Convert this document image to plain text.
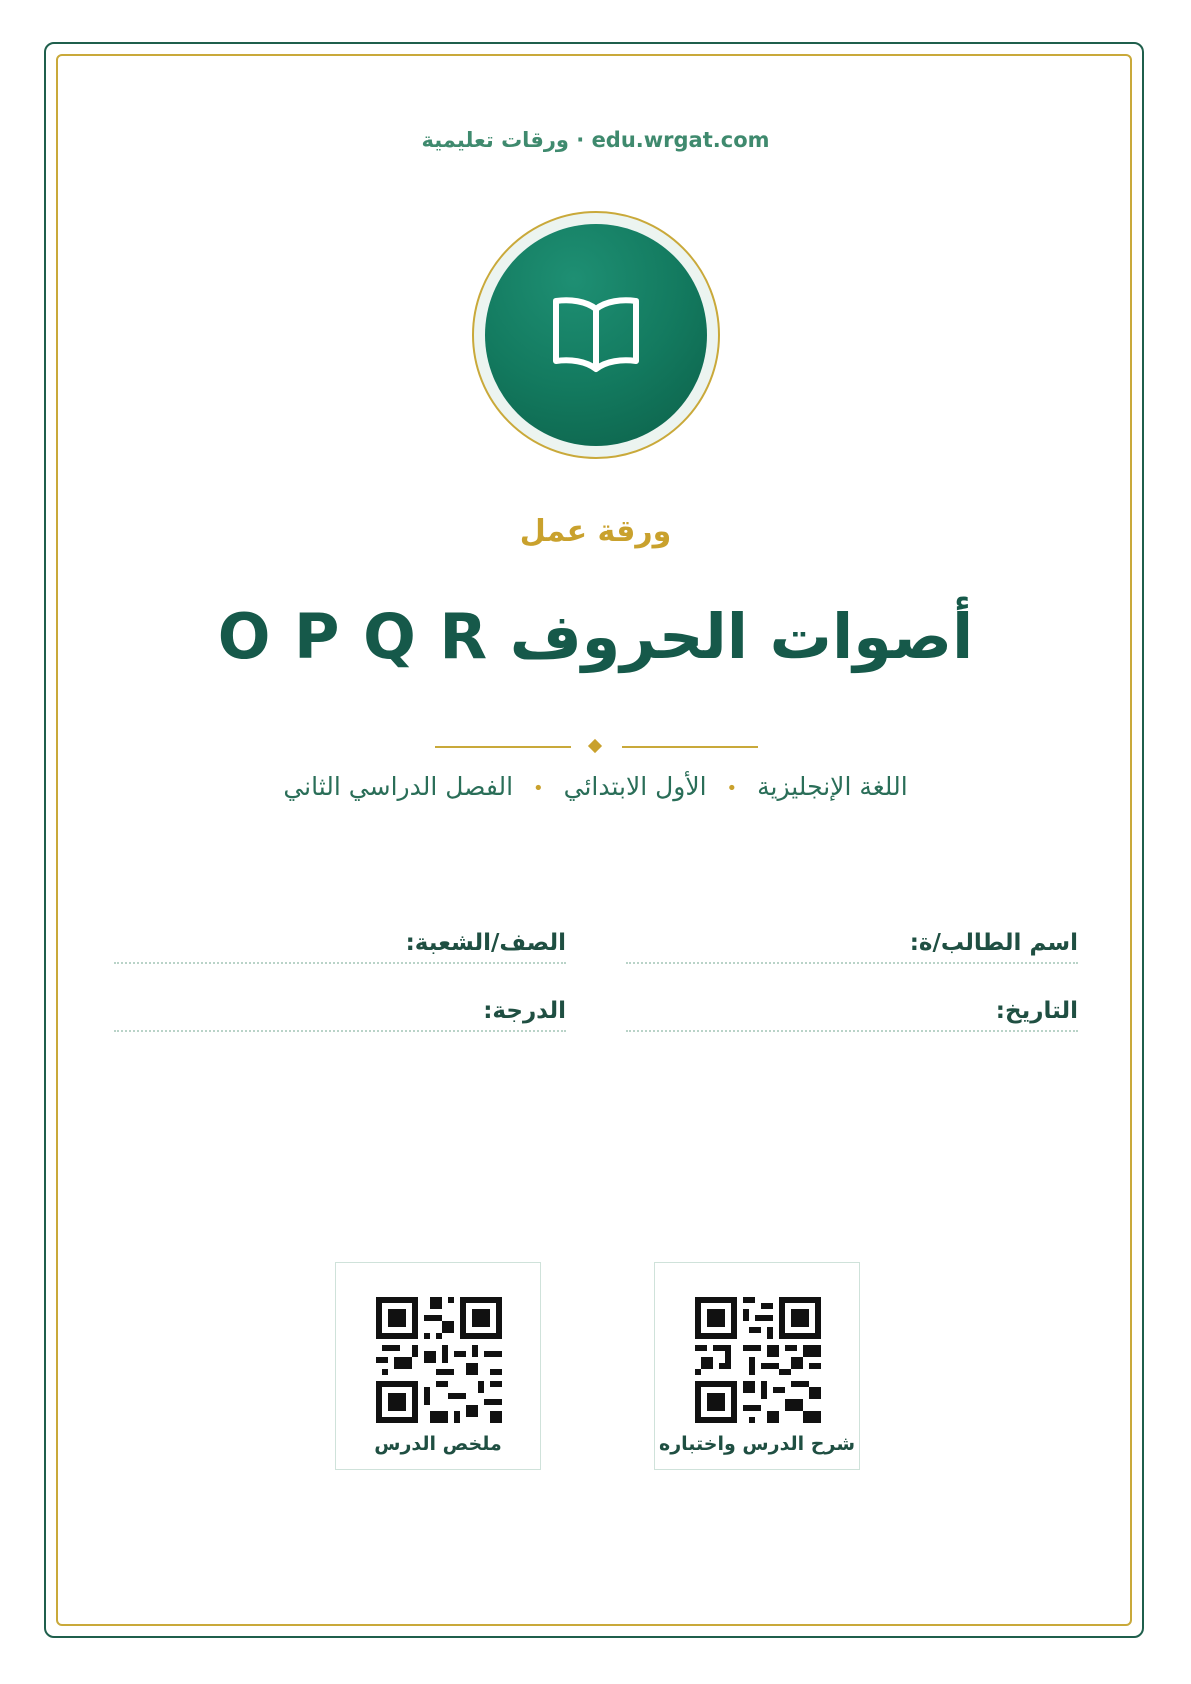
edu.wrgat.com · ورقات تعليمية
ورقة عمل
أصوات الحروف O P Q R
اللغة الإنجليزية • الأول الابتدائي • الفصل الدراسي الثاني
اسم الطالب/ة:
الصف/الشعبة:
التاريخ:
الدرجة:
شرح الدرس واختباره
ملخص الدرس
